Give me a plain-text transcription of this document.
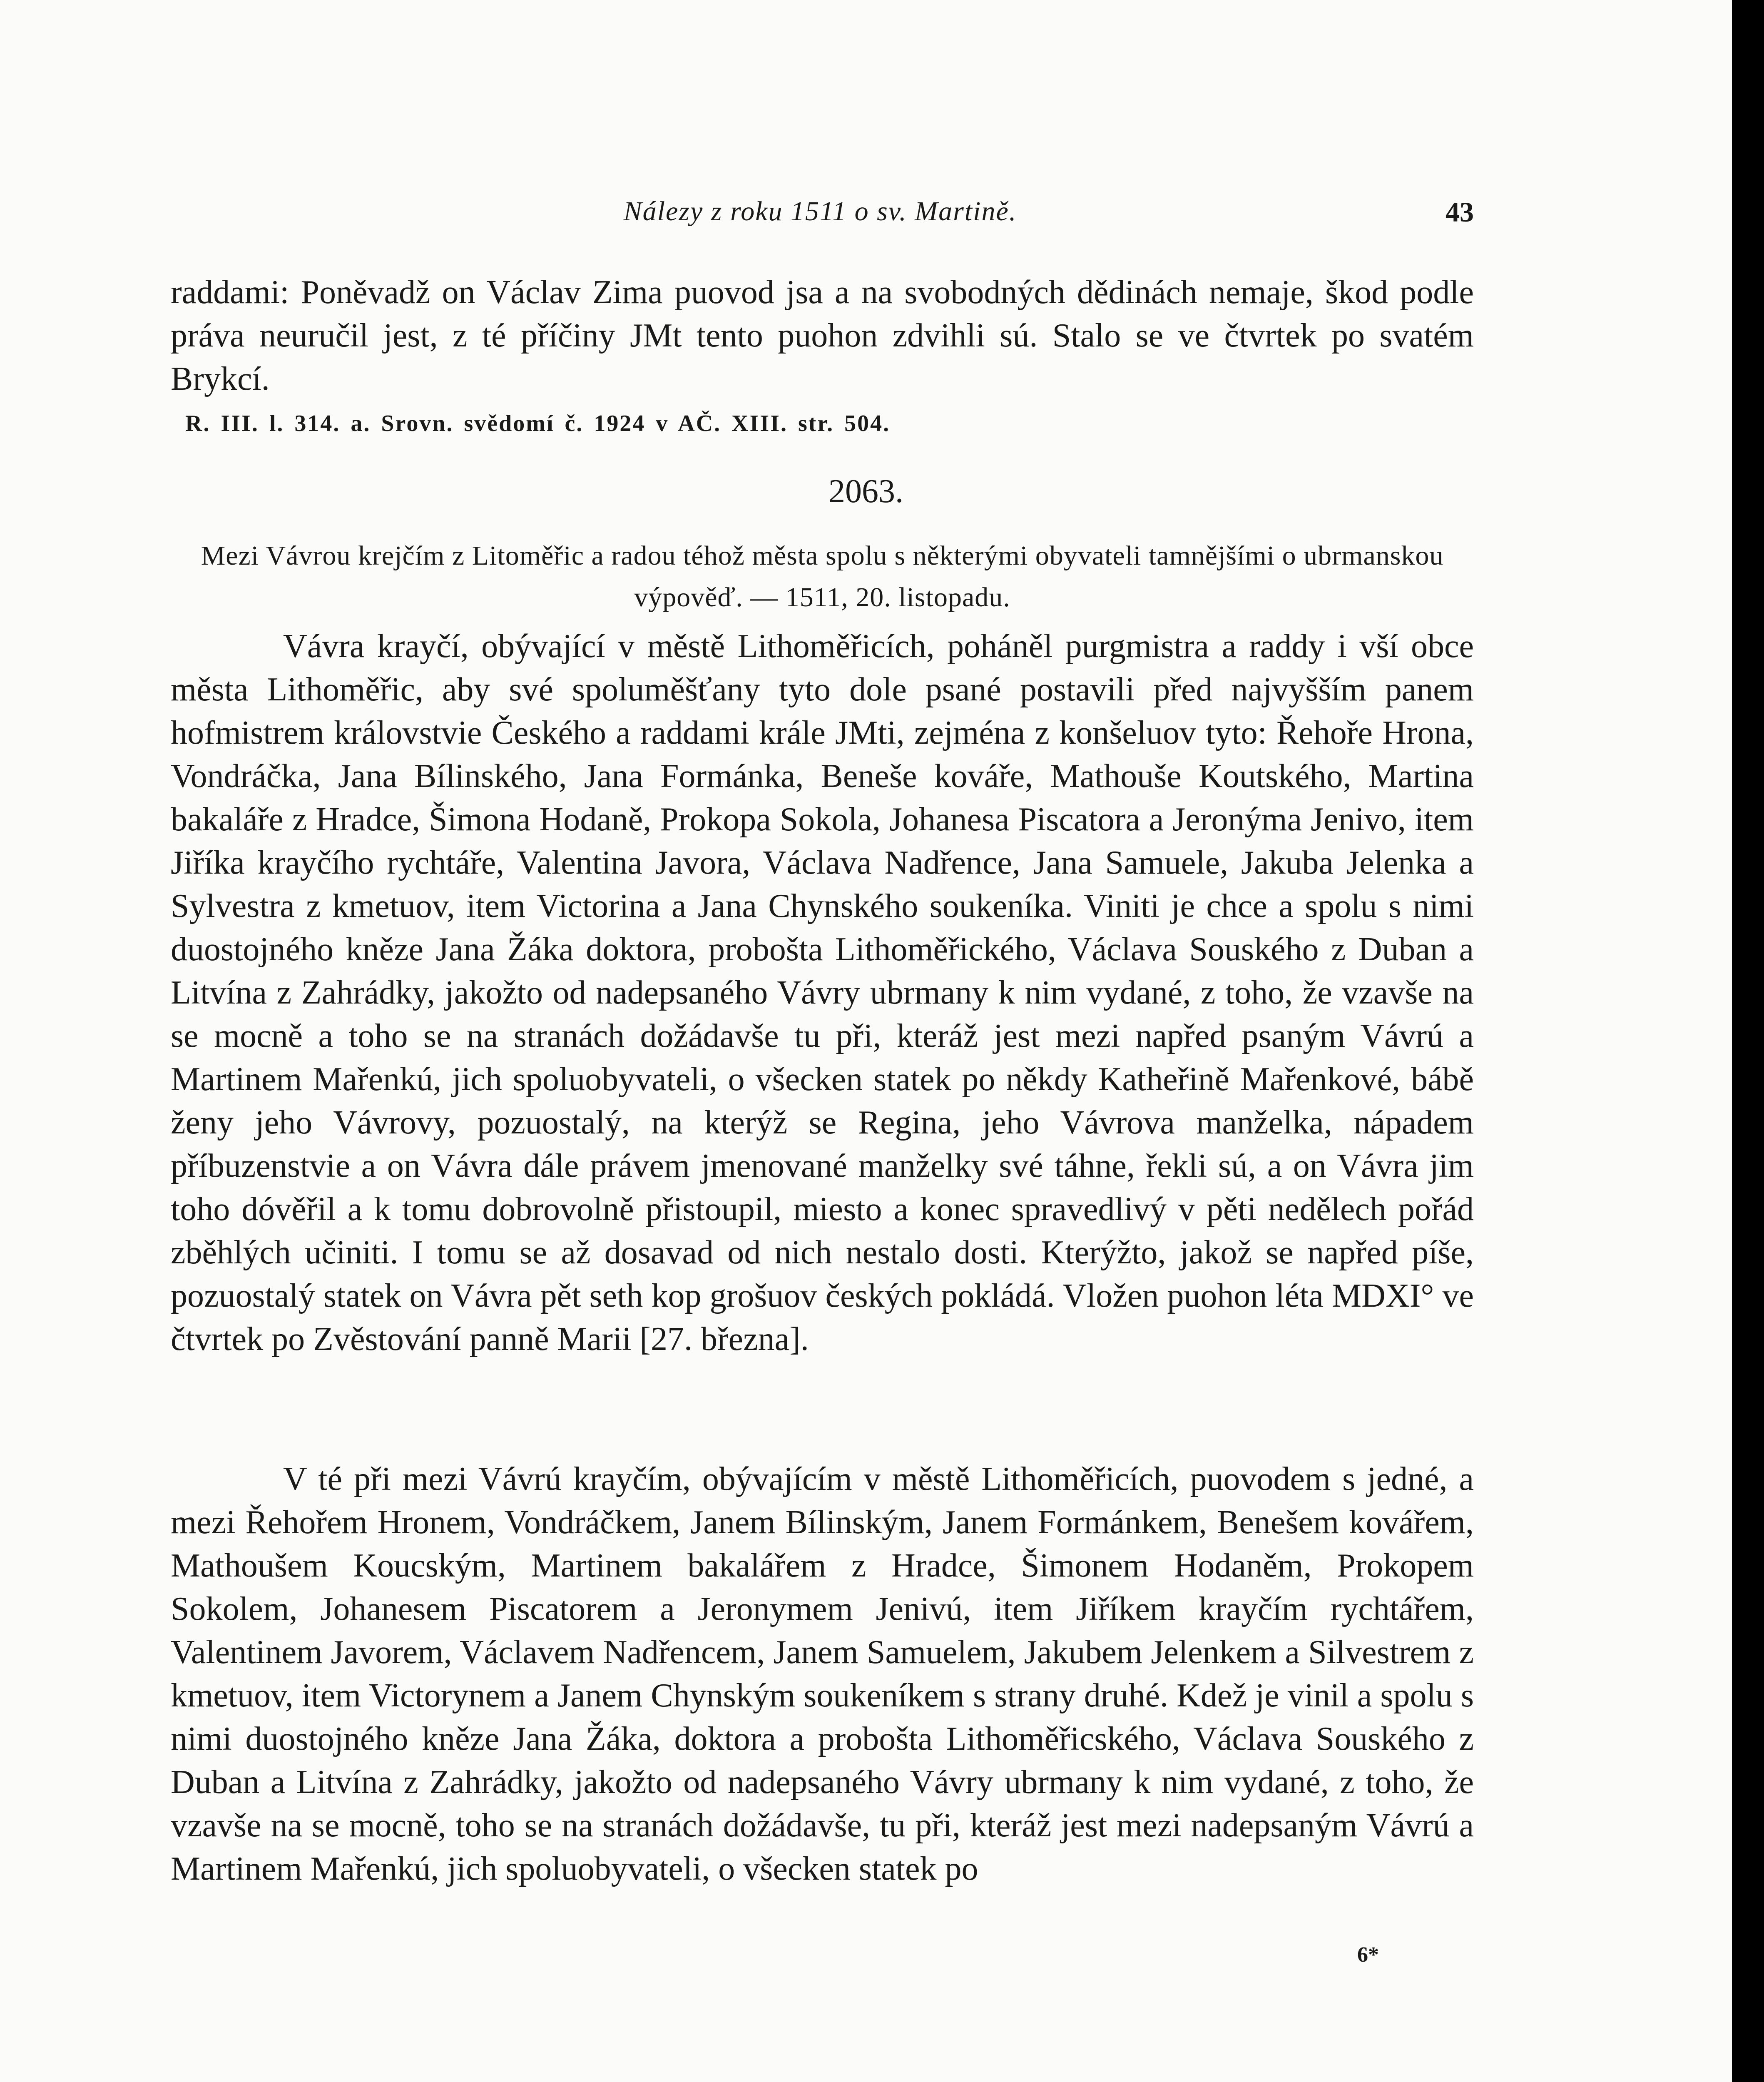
Nálezy z roku 1511 o sv. Martině.	43
raddami: Poněvadž on Václav Zima puovod jsa a na svobodných dědinách nemaje, škod podle práva neuručil jest, z té příčiny JMt tento puohon zdvihli sú. Stalo se ve čtvrtek po svatém Brykcí.
R. III. l. 314. a. Srovn. svědomí č. 1924 v AČ. XIII. str. 504.
2063.
Mezi Vávrou krejčím z Litoměřic a radou téhož města spolu s některými obyvateli tamnějšími o ubrmanskou výpověď. — 1511, 20. listopadu.
Vávra krayčí, obývající v městě Lithoměřicích, poháněl purgmistra a raddy i vší obce města Lithoměřic, aby své spoluměšťany tyto dole psané postavili před najvyšším panem hofmistrem královstvie Českého a raddami krále JMti, zejména z konšeluov tyto: Řehoře Hrona, Vondráčka, Jana Bílinského, Jana Formánka, Beneše kováře, Mathouše Koutského, Martina bakaláře z Hradce, Šimona Hodaně, Prokopa Sokola, Johanesa Piscatora a Jeronýma Jenivo, item Jiříka krayčího rychtáře, Valentina Javora, Václava Nadřence, Jana Samuele, Jakuba Jelenka a Sylvestra z kmetuov, item Victorina a Jana Chynského soukeníka. Viniti je chce a spolu s nimi duostojného kněze Jana Žáka doktora, probošta Lithoměřického, Václava Souského z Duban a Litvína z Zahrádky, jakožto od nadepsaného Vávry ubrmany k nim vydané, z toho, že vzavše na se mocně a toho se na stranách dožádavše tu při, kteráž jest mezi napřed psaným Vávrú a Martinem Mařenkú, jich spoluobyvateli, o všecken statek po někdy Katheřině Mařenkové, bábě ženy jeho Vávrovy, pozuostalý, na kterýž se Regina, jeho Vávrova manželka, nápadem příbuzenstvie a on Vávra dále právem jmenované manželky své táhne, řekli sú, a on Vávra jim toho dóvěřil a k tomu dobrovolně přistoupil, miesto a konec spravedlivý v pěti nedělech pořád zběhlých učiniti. I tomu se až dosavad od nich nestalo dosti. Kterýžto, jakož se napřed píše, pozuostalý statek on Vávra pět seth kop grošuov českých pokládá. Vložen puohon léta MDXI° ve čtvrtek po Zvěstování panně Marii [27. března].
V té při mezi Vávrú krayčím, obývajícím v městě Lithoměřicích, puovodem s jedné, a mezi Řehořem Hronem, Vondráčkem, Janem Bílinským, Janem Formánkem, Benešem kovářem, Mathoušem Koucským, Martinem bakalářem z Hradce, Šimonem Hodaněm, Prokopem Sokolem, Johanesem Piscatorem a Jeronymem Jenivú, item Jiříkem krayčím rychtářem, Valentinem Javorem, Václavem Nadřencem, Janem Samuelem, Jakubem Jelenkem a Silvestrem z kmetuov, item Victorynem a Janem Chynským soukeníkem s strany druhé. Kdež je vinil a spolu s nimi duostojného kněze Jana Žáka, doktora a probošta Lithoměřicského, Václava Souského z Duban a Litvína z Zahrádky, jakožto od nadepsaného Vávry ubrmany k nim vydané, z toho, že vzavše na se mocně, toho se na stranách dožádavše, tu při, kteráž jest mezi nadepsaným Vávrú a Martinem Mařenkú, jich spoluobyvateli, o všecken statek po
6*
